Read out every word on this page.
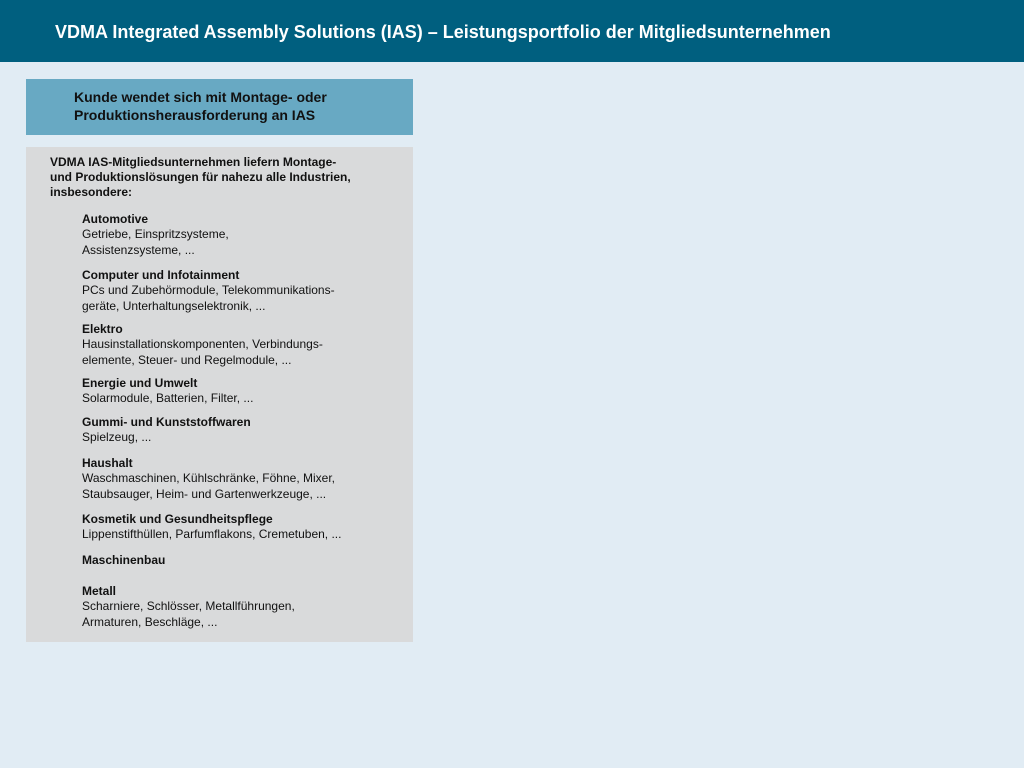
VDMA Integrated Assembly Solutions (IAS) – Leistungsportfolio der Mitgliedsunternehmen

Kunde wendet sich mit Montage- oder
Produktionsherausforderung an IAS

VDMA IAS-Mitgliedsunternehmen liefern Montage-
und Produktionslösungen für nahezu alle Industrien,
insbesondere:

Automotive
Getriebe, Einspritzsysteme,
Assistenzsysteme, ...
Computer und Infotainment
PCs und Zubehörmodule, Telekommunikations-
geräte, Unterhaltungselektronik, ...
Elektro
Hausinstallationskomponenten, Verbindungs-
elemente, Steuer- und Regelmodule, ...
Energie und Umwelt
Solarmodule, Batterien, Filter, ...
Gummi- und Kunststoffwaren
Spielzeug, ...
Haushalt
Waschmaschinen, Kühlschränke, Föhne, Mixer,
Staubsauger, Heim- und Gartenwerkzeuge, ...
Kosmetik und Gesundheitspflege
Lippenstifthüllen, Parfumflakons, Cremetuben, ...
Maschinenbau
Metall
Scharniere, Schlösser, Metallführungen,
Armaturen, Beschläge, ...
